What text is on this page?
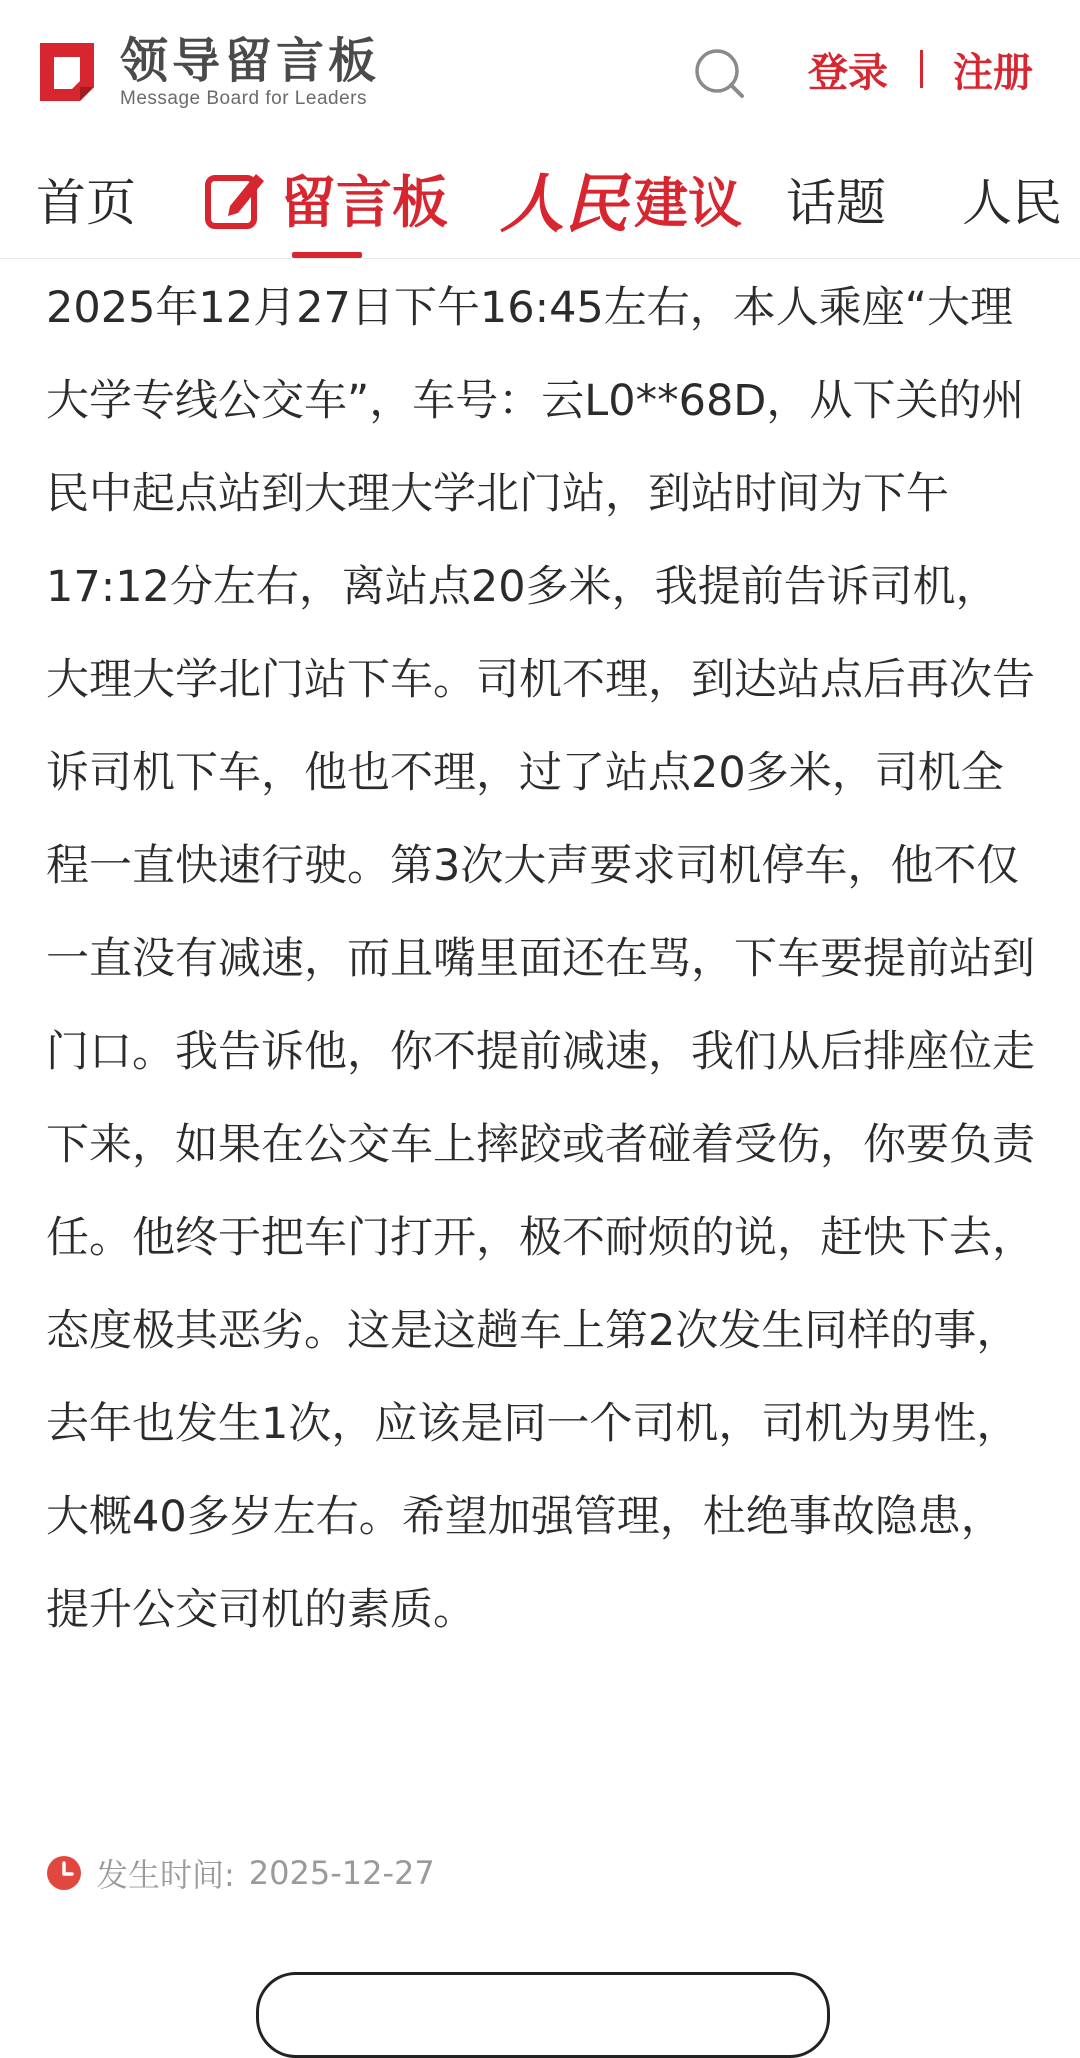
领导留言板
Message Board for Leaders
登录 注册
首页	留言板 人民 建议 话题 人民

2025年12月27日下午16:45左右，本人乘座“大理大学专线公交车”，车号：云L0**68D，从下关的州民中起点站到大理大学北门站，到站时间为下午17:12分左右，离站点20多米，我提前告诉司机，大理大学北门站下车。司机不理，到达站点后再次告诉司机下车，他也不理，过了站点20多米，司机全程一直快速行驶。第3次大声要求司机停车，他不仅一直没有减速，而且嘴里面还在骂，下车要提前站到门口。我告诉他，你不提前减速，我们从后排座位走下来，如果在公交车上摔跤或者碰着受伤，你要负责任。他终于把车门打开，极不耐烦的说，赶快下去，态度极其恶劣。这是这趟车上第2次发生同样的事，去年也发生1次，应该是同一个司机，司机为男性，大概40多岁左右。希望加强管理，杜绝事故隐患，提升公交司机的素质。

发生时间: 2025-12-27
